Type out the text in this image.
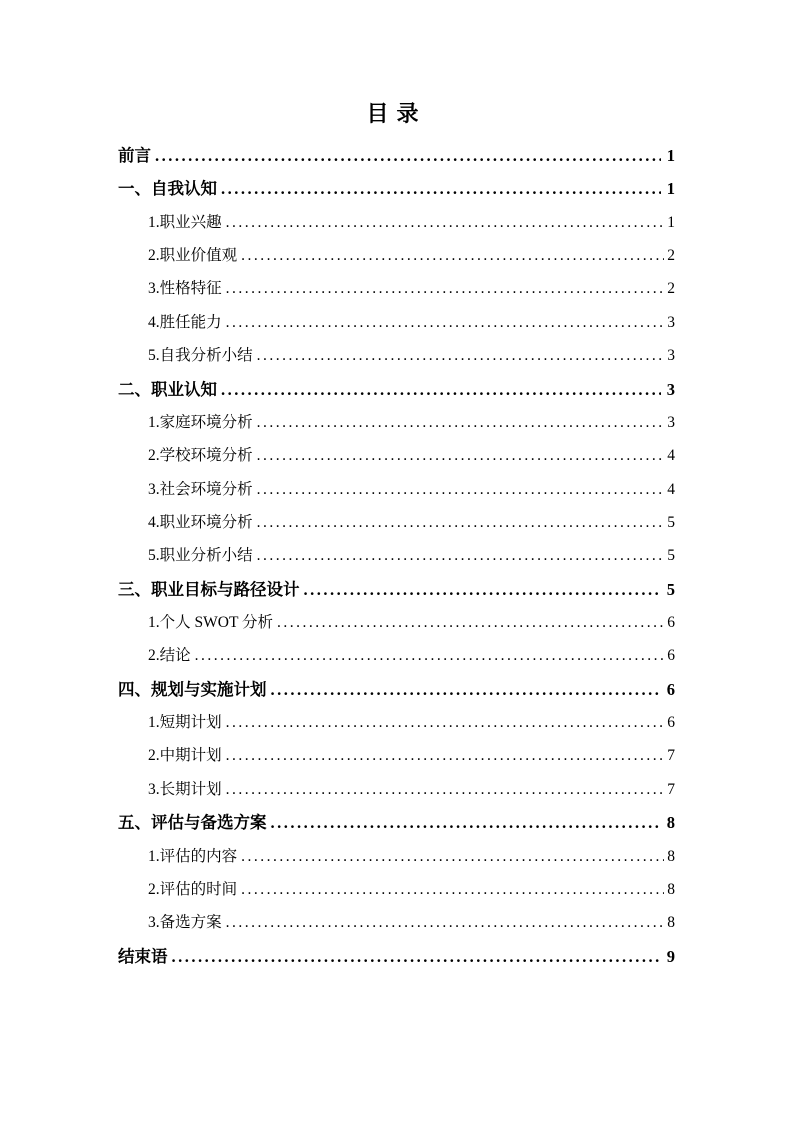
目录
前言 .....	1
一、自我认知 .....	1
1.职业兴趣 .....	1
2.职业价值观 .....	2
3.性格特征 .....	2
4.胜任能力 .....	3
5.自我分析小结 .....	3
二、职业认知 .....	3
1.家庭环境分析 .....	3
2.学校环境分析 .....	4
3.社会环境分析 .....	4
4.职业环境分析 .....	5
5.职业分析小结 .....	5
三、职业目标与路径设计 .....	5
1.个人 SWOT 分析 .....	6
2.结论 .....	6
四、规划与实施计划 .....	6
1.短期计划 .....	6
2.中期计划 .....	7
3.长期计划 .....	7
五、评估与备选方案 .....	8
1.评估的内容 .....	8
2.评估的时间 .....	8
3.备选方案 .....	8
结束语 .....	9
